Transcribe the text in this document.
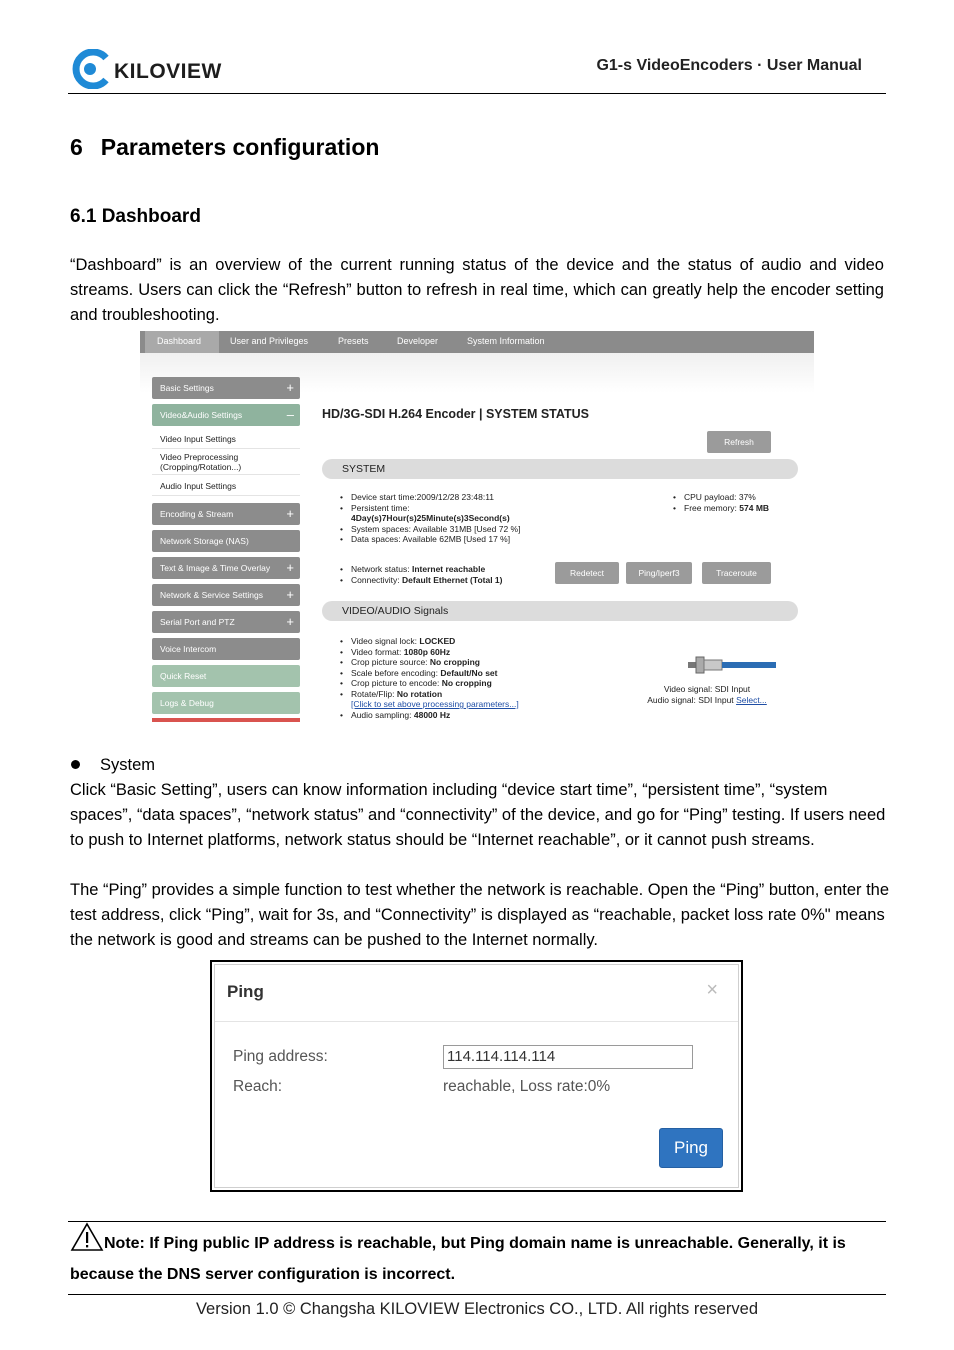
KILOVIEW	G1-s VideoEncoders · User Manual
6 Parameters configuration
6.1 Dashboard
“Dashboard” is an overview of the current running status of the device and the status of audio and video streams. Users can click the “Refresh” button to refresh in real time, which can greatly help the encoder setting and troubleshooting.
Dashboard	User and Privileges	Presets	Developer	System Information
Basic Settings	+
Video&Audio Settings	–
Video Input Settings
Video Preprocessing
(Cropping/Rotation...)
Audio Input Settings
Encoding & Stream	+
Network Storage (NAS)
Text & Image & Time Overlay +
Network & Service Settings +
Serial Port and PTZ	+
Voice Intercom
Quick Reset
Logs & Debug
HD/3G-SDI H.264 Encoder | SYSTEM STATUS
Refresh
SYSTEM
• Device start time:2009/12/28 23:48:11
• Persistent time:
4Day(s)7Hour(s)25Minute(s)3Second(s)
• System spaces: Available 31MB [Used 72 %]
• Data spaces: Available 62MB [Used 17 %]
• CPU payload: 37%
• Free memory: 574 MB
• Network status: Internet reachable
• Connectivity: Default Ethernet (Total 1)
Redetect	Ping/Iperf3	Traceroute
VIDEO/AUDIO Signals
• Video signal lock: LOCKED
• Video format: 1080p 60Hz
• Crop picture source: No cropping
• Scale before encoding: Default/No set
• Crop picture to encode: No cropping
• Rotate/Flip: No rotation
[Click to set above processing parameters...]
• Audio sampling: 48000 Hz
Video signal: SDI Input
Audio signal: SDI Input Select...
System
Click “Basic Setting”, users can know information including “device start time”, “persistent time”, “system spaces”, “data spaces”, “network status” and “connectivity” of the device, and go for “Ping” testing. If users need to push to Internet platforms, network status should be “Internet reachable”, or it cannot push streams.
The “Ping” provides a simple function to test whether the network is reachable. Open the “Ping” button, enter the test address, click “Ping”, wait for 3s, and “Connectivity” is displayed as “reachable, packet loss rate 0%" means the network is good and streams can be pushed to the Internet normally.
Ping	×
Ping address:	114.114.114.114
Reach:	reachable, Loss rate:0%
Ping
Note: If Ping public IP address is reachable, but Ping domain name is unreachable. Generally, it is because the DNS server configuration is incorrect.
Version 1.0 © Changsha KILOVIEW Electronics CO., LTD. All rights reserved
